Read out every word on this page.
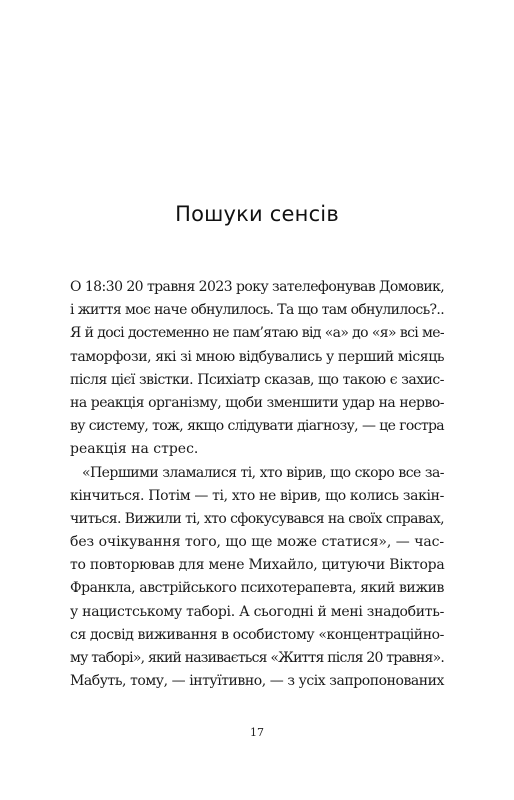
Пошуки сенсів
О 18:30 20 травня 2023 року зателефонував Домовик,
і життя моє наче обнулилось. Та що там обнулилось?..
Я й досі достеменно не пам’ятаю від «а» до «я» всі ме-
таморфози, які зі мною відбувались у перший місяць
після цієї звістки. Психіатр сказав, що такою є захис-
на реакція організму, щоби зменшити удар на нерво-
ву систему, тож, якщо слідувати діагнозу, — це гостра
реакція на стрес.
«Першими зламалися ті, хто вірив, що скоро все за-
кінчиться. Потім — ті, хто не вірив, що колись закін-
читься. Вижили ті, хто сфокусувався на своїх справах,
без очікування того, що ще може статися», — час-
то повторював для мене Михайло, цитуючи Віктора
Франкла, австрійського психотерапевта, який вижив
у нацистському таборі. А сьогодні й мені знадобить-
ся досвід виживання в особистому «концентраційно-
му таборі», який називається «Життя після 20 травня».
Мабуть, тому, — інтуїтивно, — з усіх запропонованих
17
